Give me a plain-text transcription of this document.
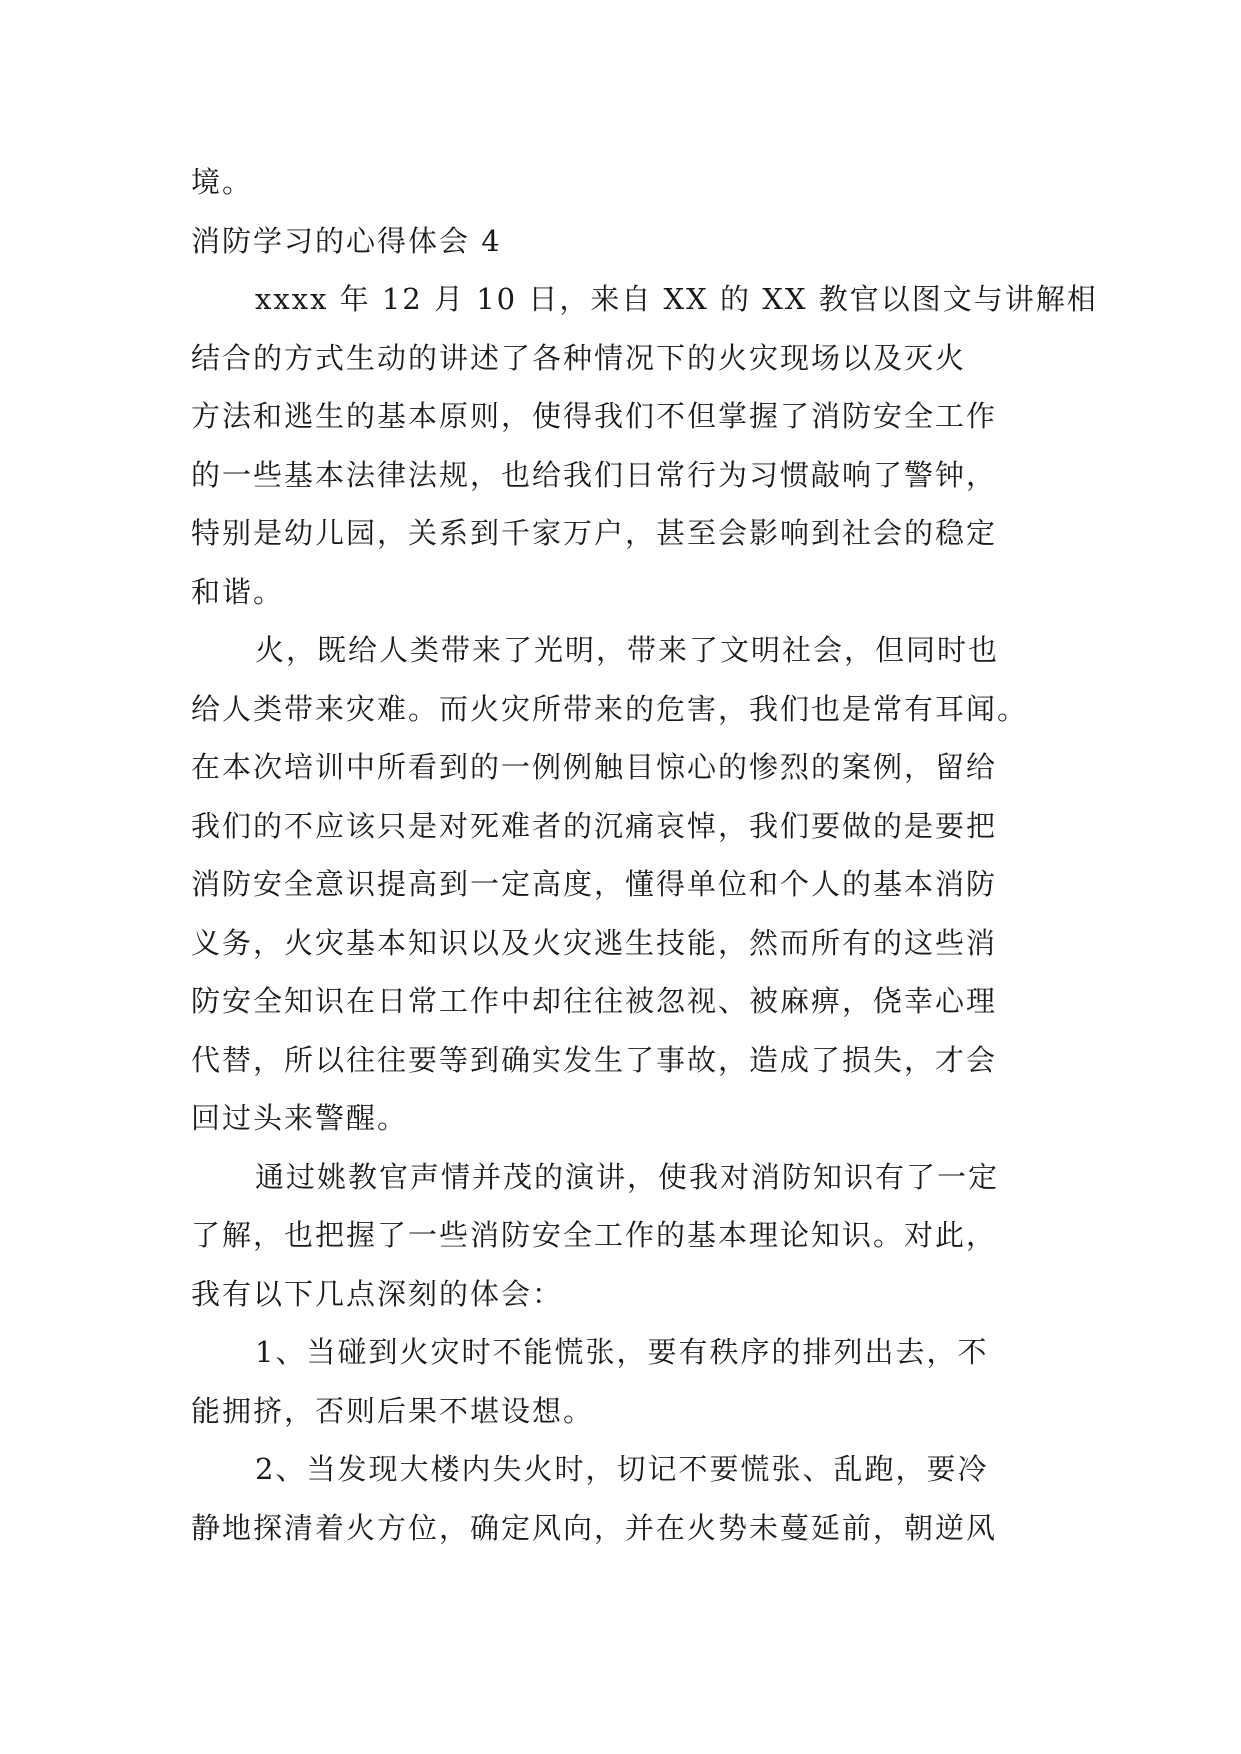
境。
消防学习的心得体会 4
xxxx 年 12 月 10 日，来自 XX 的 XX 教官以图文与讲解相
结合的方式生动的讲述了各种情况下的火灾现场以及灭火
方法和逃生的基本原则，使得我们不但掌握了消防安全工作
的一些基本法律法规，也给我们日常行为习惯敲响了警钟，
特别是幼儿园，关系到千家万户，甚至会影响到社会的稳定
和谐。
火，既给人类带来了光明，带来了文明社会，但同时也
给人类带来灾难。而火灾所带来的危害，我们也是常有耳闻。
在本次培训中所看到的一例例触目惊心的惨烈的案例，留给
我们的不应该只是对死难者的沉痛哀悼，我们要做的是要把
消防安全意识提高到一定高度，懂得单位和个人的基本消防
义务，火灾基本知识以及火灾逃生技能，然而所有的这些消
防安全知识在日常工作中却往往被忽视、被麻痹，侥幸心理
代替，所以往往要等到确实发生了事故，造成了损失，才会
回过头来警醒。
通过姚教官声情并茂的演讲，使我对消防知识有了一定
了解，也把握了一些消防安全工作的基本理论知识。对此，
我有以下几点深刻的体会：
1、当碰到火灾时不能慌张，要有秩序的排列出去，不
能拥挤，否则后果不堪设想。
2、当发现大楼内失火时，切记不要慌张、乱跑，要冷
静地探清着火方位，确定风向，并在火势未蔓延前，朝逆风
